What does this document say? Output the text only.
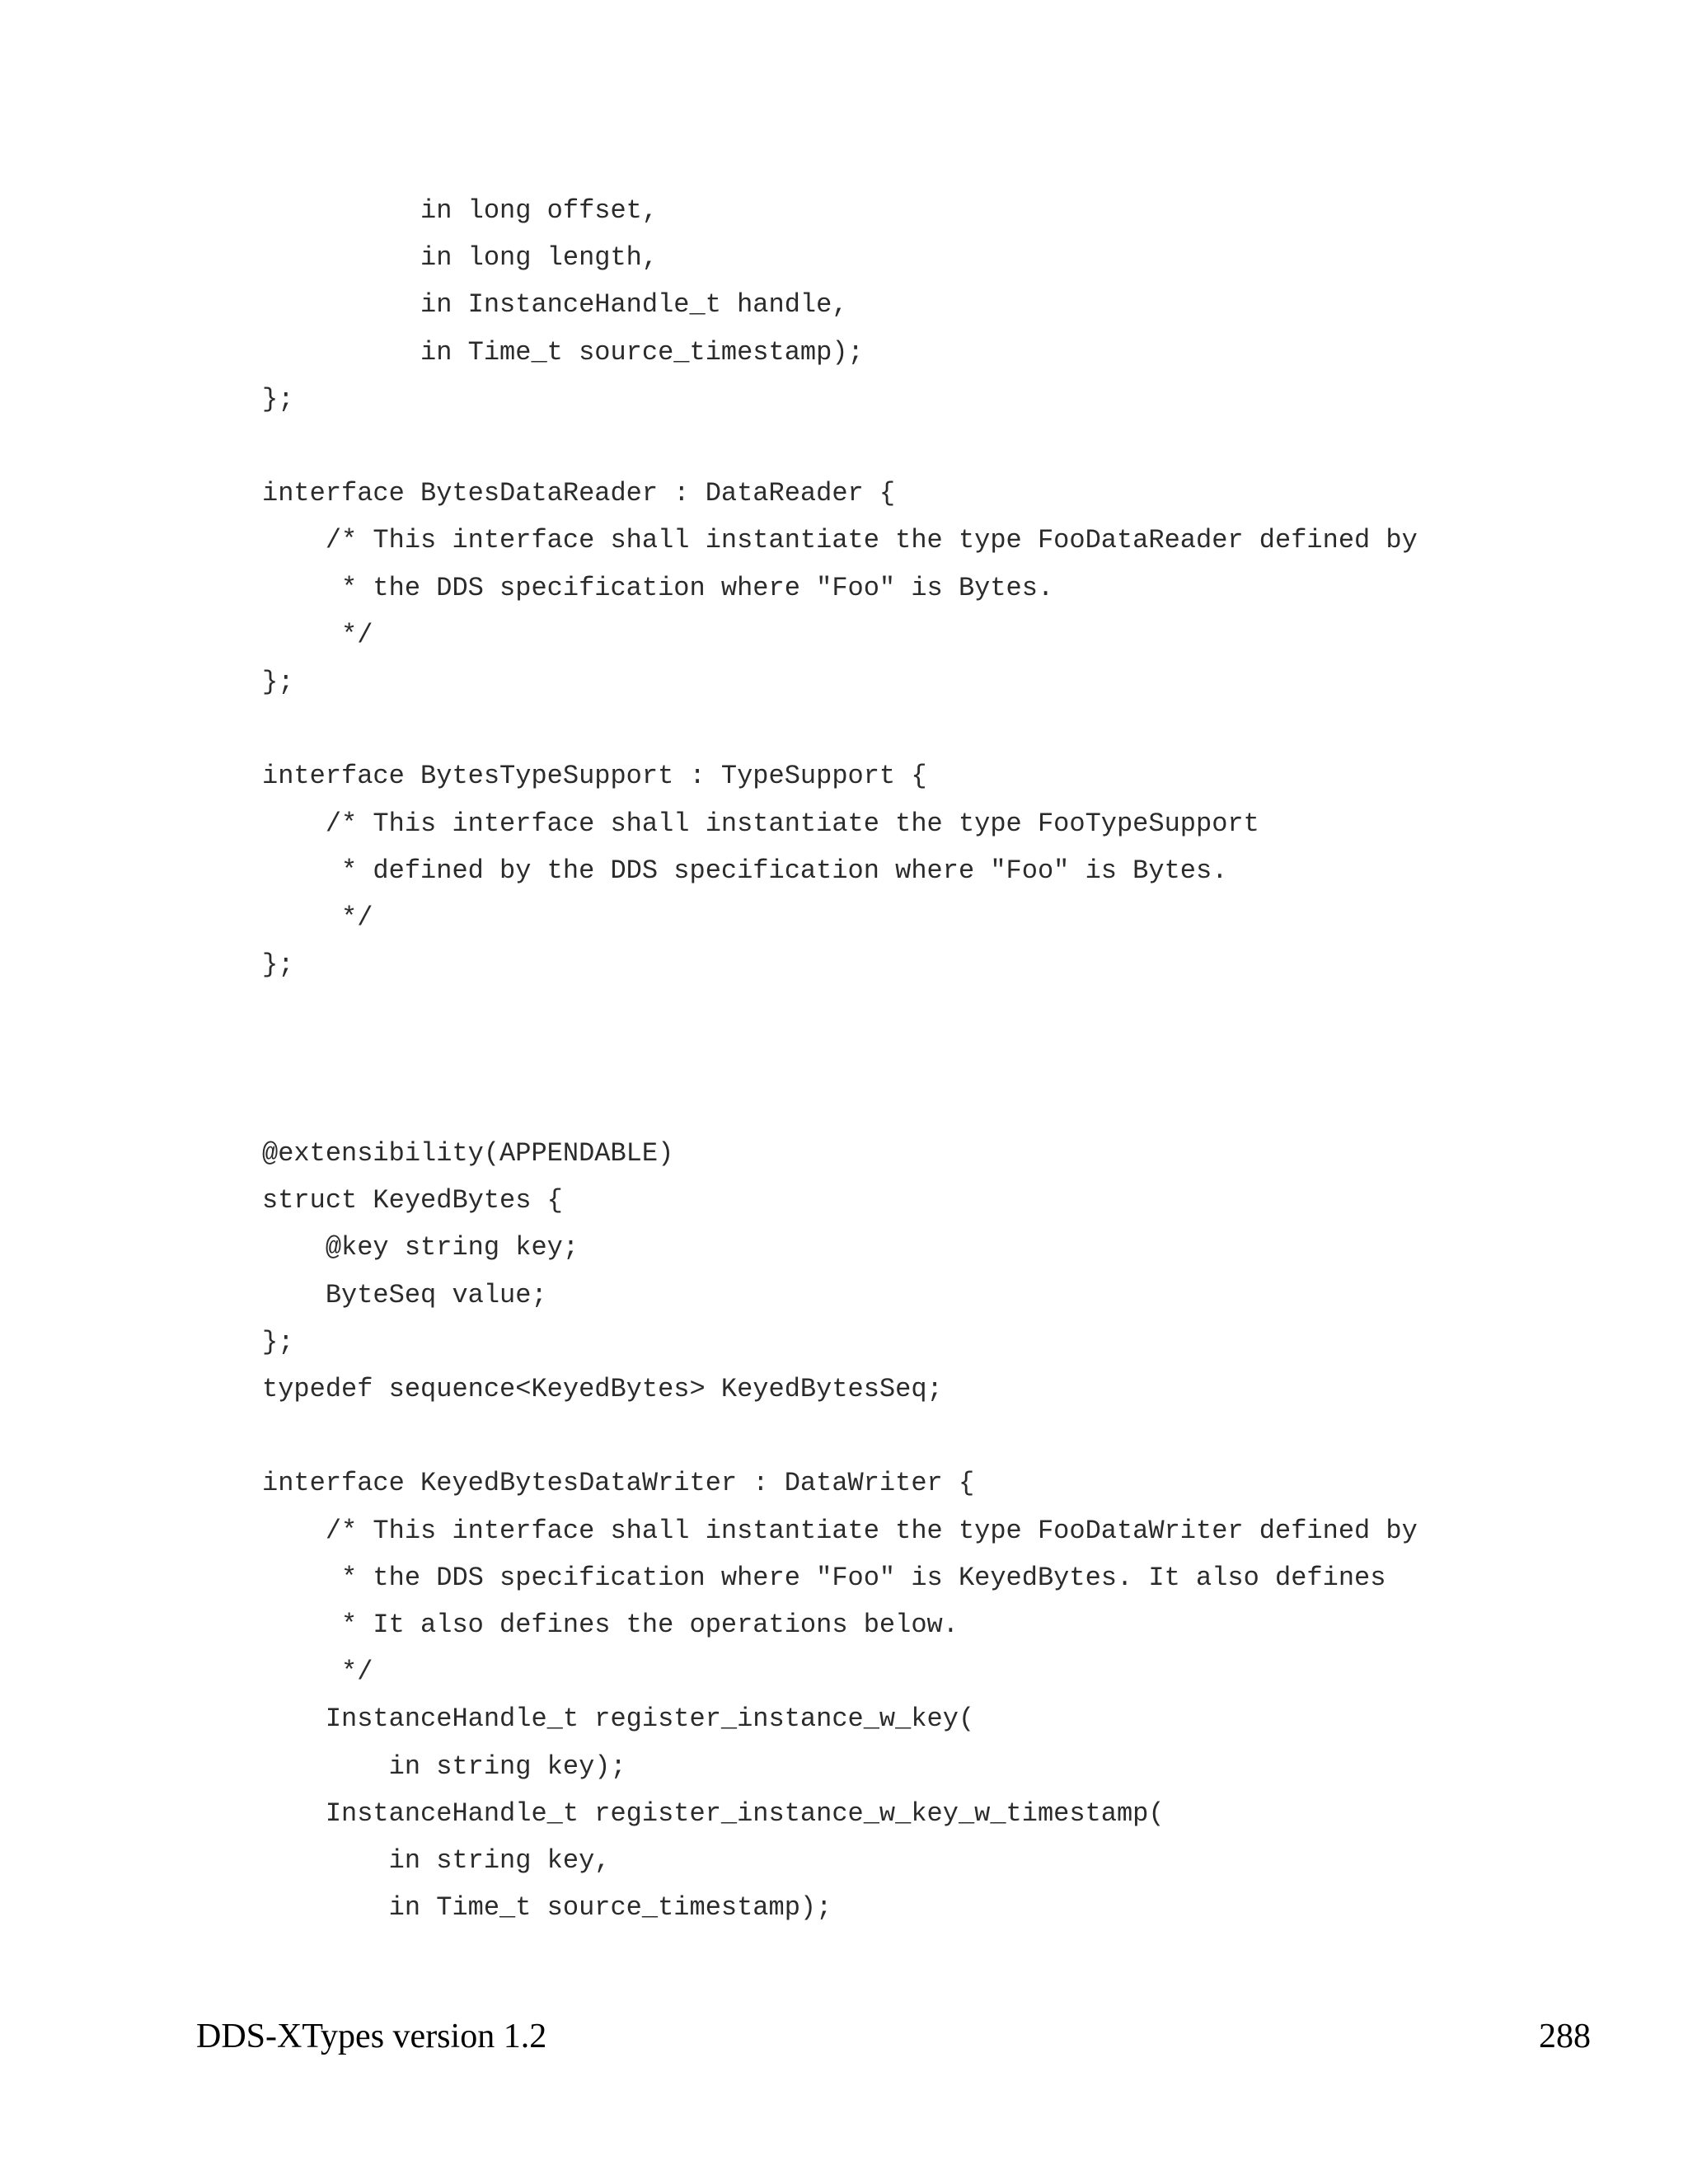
in long offset,
in long length,
in InstanceHandle_t handle,
in Time_t source_timestamp);
};
interface BytesDataReader : DataReader {
/* This interface shall instantiate the type FooDataReader defined by
* the DDS specification where "Foo" is Bytes.
*/
};
interface BytesTypeSupport : TypeSupport {
/* This interface shall instantiate the type FooTypeSupport
* defined by the DDS specification where "Foo" is Bytes.
*/
};
@extensibility(APPENDABLE)
struct KeyedBytes {
@key string key;
ByteSeq value;
};
typedef sequence<KeyedBytes> KeyedBytesSeq;
interface KeyedBytesDataWriter : DataWriter {
/* This interface shall instantiate the type FooDataWriter defined by
* the DDS specification where "Foo" is KeyedBytes. It also defines
* It also defines the operations below.
*/
InstanceHandle_t register_instance_w_key(
in string key);
InstanceHandle_t register_instance_w_key_w_timestamp(
in string key,
in Time_t source_timestamp);
DDS-XTypes version 1.2	288
